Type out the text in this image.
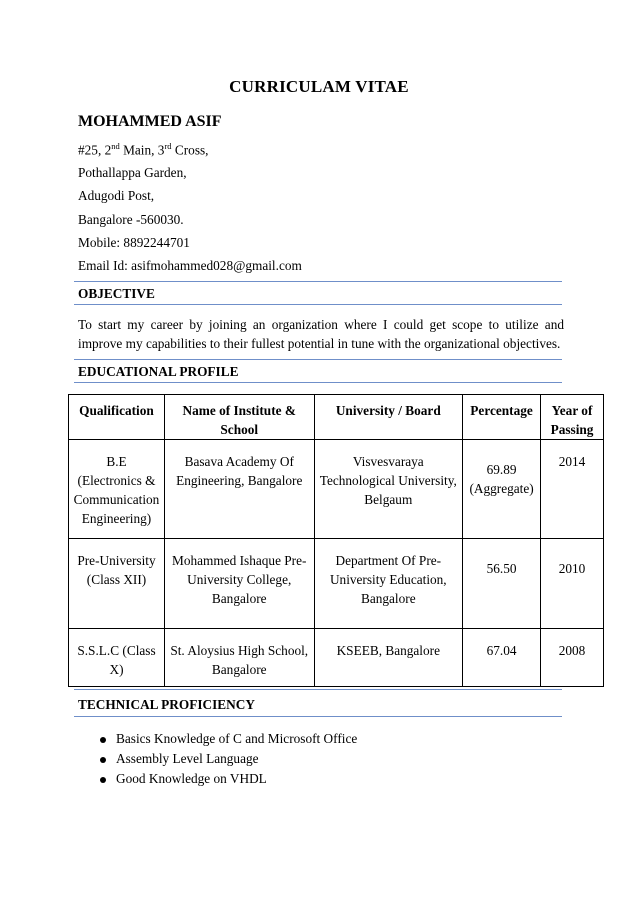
CURRICULAM VITAE
MOHAMMED ASIF
#25, 2nd Main, 3rd Cross,
Pothallappa Garden,
Adugodi Post,
Bangalore -560030.
Mobile: 8892244701
Email Id: asifmohammed028@gmail.com
OBJECTIVE
To start my career by joining an organization where I could get scope to utilize and improve my capabilities to their fullest potential in tune with the organizational objectives.
EDUCATIONAL PROFILE
Qualification	Name of Institute & School	University / Board	Percentage	Year of Passing
B.E (Electronics & Communication Engineering)	Basava Academy Of Engineering, Bangalore	Visvesvaraya Technological University, Belgaum	69.89 (Aggregate)	2014
Pre-University (Class XII)	Mohammed Ishaque Pre-University College, Bangalore	Department Of Pre-University Education, Bangalore	56.50	2010
S.S.L.C (Class X)	St. Aloysius High School, Bangalore	KSEEB, Bangalore	67.04	2008
TECHNICAL PROFICIENCY
Basics Knowledge of C and Microsoft Office
Assembly Level Language
Good Knowledge on VHDL
